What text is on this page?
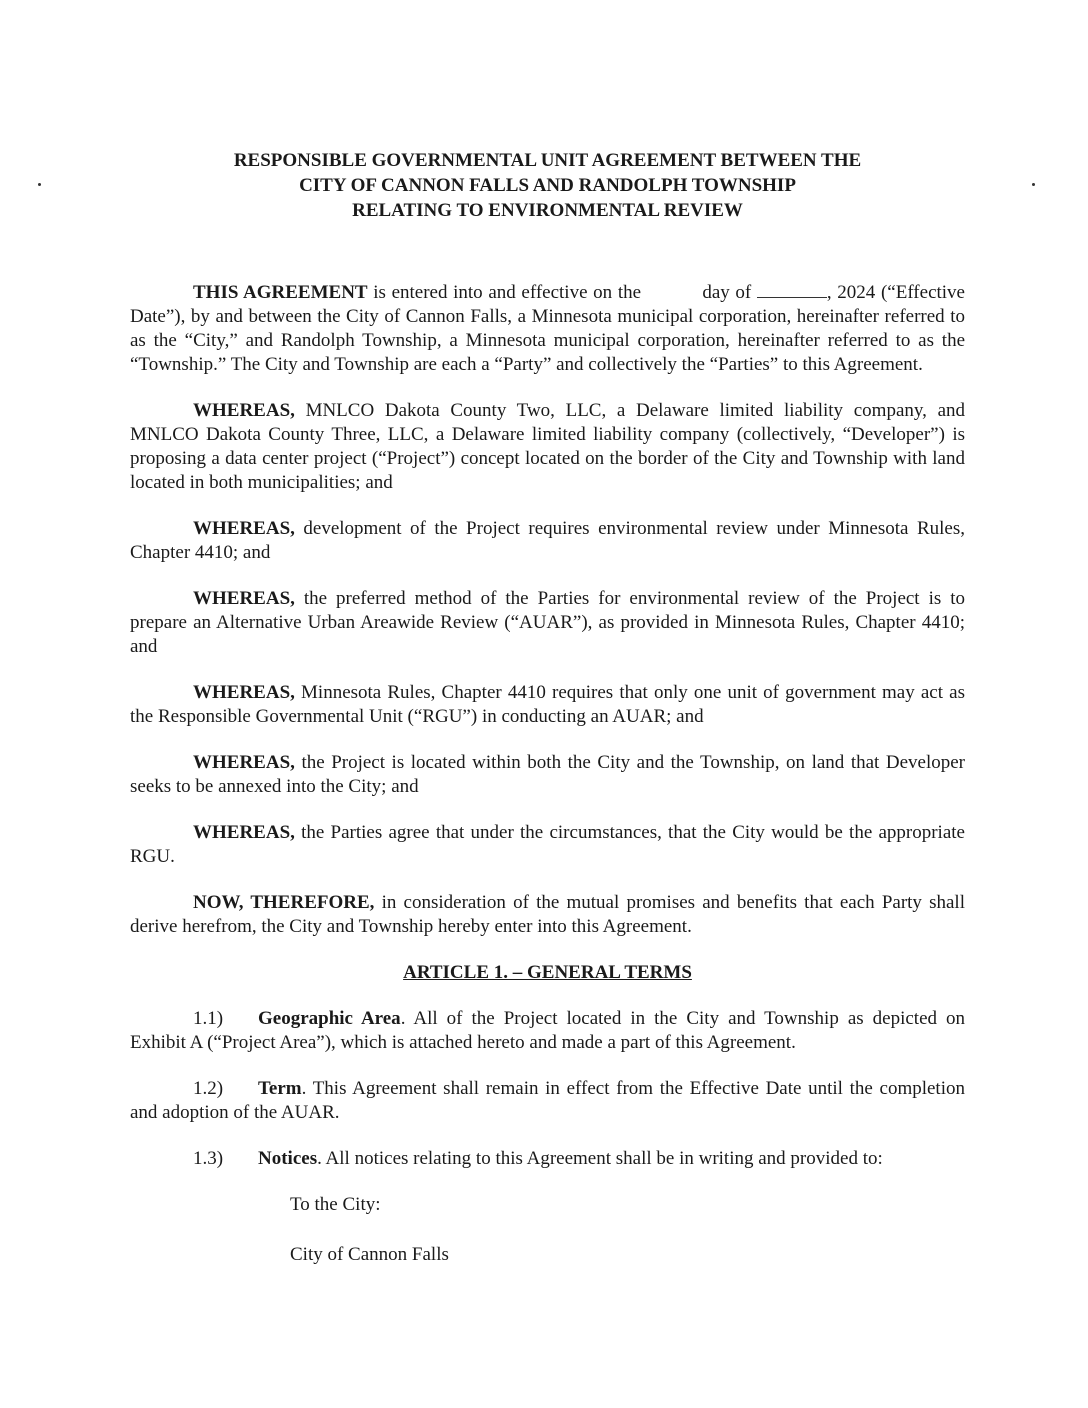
RESPONSIBLE GOVERNMENTAL UNIT AGREEMENT BETWEEN THE
CITY OF CANNON FALLS AND RANDOLPH TOWNSHIP
RELATING TO ENVIRONMENTAL REVIEW
THIS AGREEMENT is entered into and effective on the	day of	, 2024 (“Effective Date”), by and between the City of Cannon Falls, a Minnesota municipal corporation, hereinafter referred to as the “City,” and Randolph Township, a Minnesota municipal corporation, hereinafter referred to as the “Township.” The City and Township are each a “Party” and collectively the “Parties” to this Agreement.
WHEREAS, MNLCO Dakota County Two, LLC, a Delaware limited liability company, and MNLCO Dakota County Three, LLC, a Delaware limited liability company (collectively, “Developer”) is proposing a data center project (“Project”) concept located on the border of the City and Township with land located in both municipalities; and
WHEREAS, development of the Project requires environmental review under Minnesota Rules, Chapter 4410; and
WHEREAS, the preferred method of the Parties for environmental review of the Project is to prepare an Alternative Urban Areawide Review (“AUAR”), as provided in Minnesota Rules, Chapter 4410; and
WHEREAS, Minnesota Rules, Chapter 4410 requires that only one unit of government may act as the Responsible Governmental Unit (“RGU”) in conducting an AUAR; and
WHEREAS, the Project is located within both the City and the Township, on land that Developer seeks to be annexed into the City; and
WHEREAS, the Parties agree that under the circumstances, that the City would be the appropriate RGU.
NOW, THEREFORE, in consideration of the mutual promises and benefits that each Party shall derive herefrom, the City and Township hereby enter into this Agreement.
ARTICLE 1. – GENERAL TERMS
1.1) Geographic Area. All of the Project located in the City and Township as depicted on Exhibit A (“Project Area”), which is attached hereto and made a part of this Agreement.
1.2) Term. This Agreement shall remain in effect from the Effective Date until the completion and adoption of the AUAR.
1.3) Notices. All notices relating to this Agreement shall be in writing and provided to:
To the City:
City of Cannon Falls
